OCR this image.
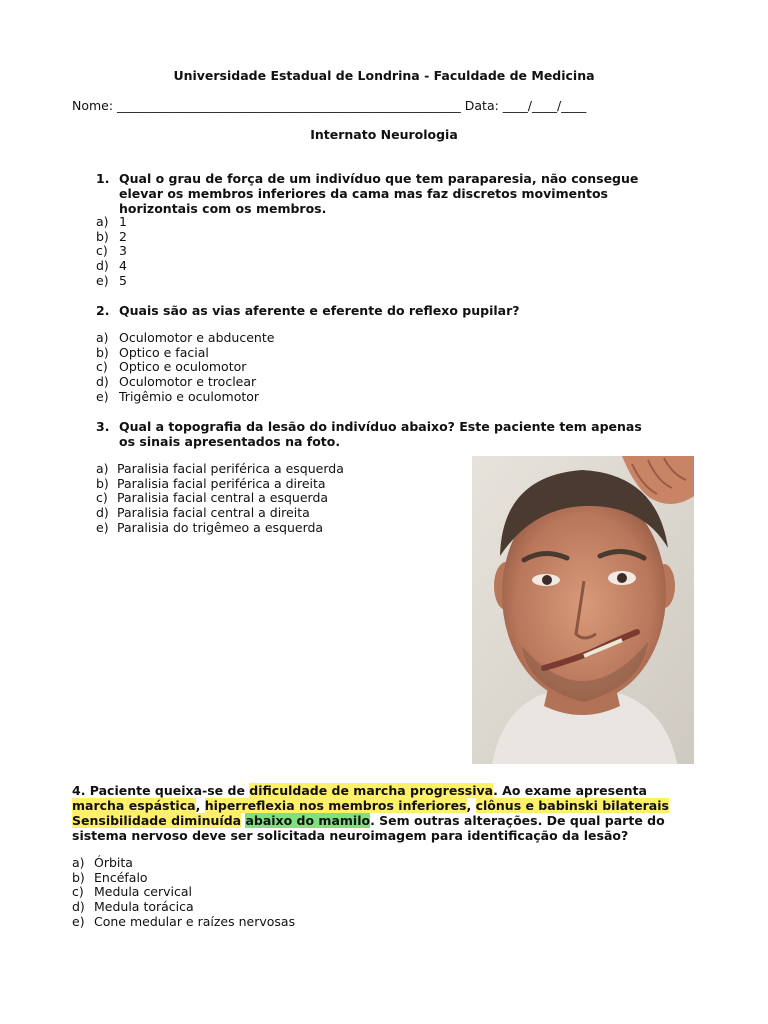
Universidade Estadual de Londrina - Faculdade de Medicina
Nome: _______________________________________________________ Data: ____/____/____
Internato Neurologia
1. Qual o grau de força de um indivíduo que tem paraparesia, não consegue elevar os membros inferiores da cama mas faz discretos movimentos horizontais com os membros.
a) 1
b) 2
c) 3
d) 4
e) 5
2. Quais são as vias aferente e eferente do reflexo pupilar?
a) Oculomotor e abducente
b) Optico e facial
c) Optico e oculomotor
d) Oculomotor e troclear
e) Trigêmio e oculomotor
3. Qual a topografia da lesão do indivíduo abaixo? Este paciente tem apenas os sinais apresentados na foto.
a) Paralisia facial periférica a esquerda
b) Paralisia facial periférica a direita
c) Paralisia facial central a esquerda
d) Paralisia facial central a direita
e) Paralisia do trigêmeo a esquerda
4. Paciente queixa-se de dificuldade de marcha progressiva. Ao exame apresenta marcha espástica, hiperreflexia nos membros inferiores, clônus e babinski bilaterais Sensibilidade diminuída abaixo do mamilo. Sem outras alterações. De qual parte do sistema nervoso deve ser solicitada neuroimagem para identificação da lesão?
a) Órbita
b) Encéfalo
c) Medula cervical
d) Medula torácica
e) Cone medular e raízes nervosas
